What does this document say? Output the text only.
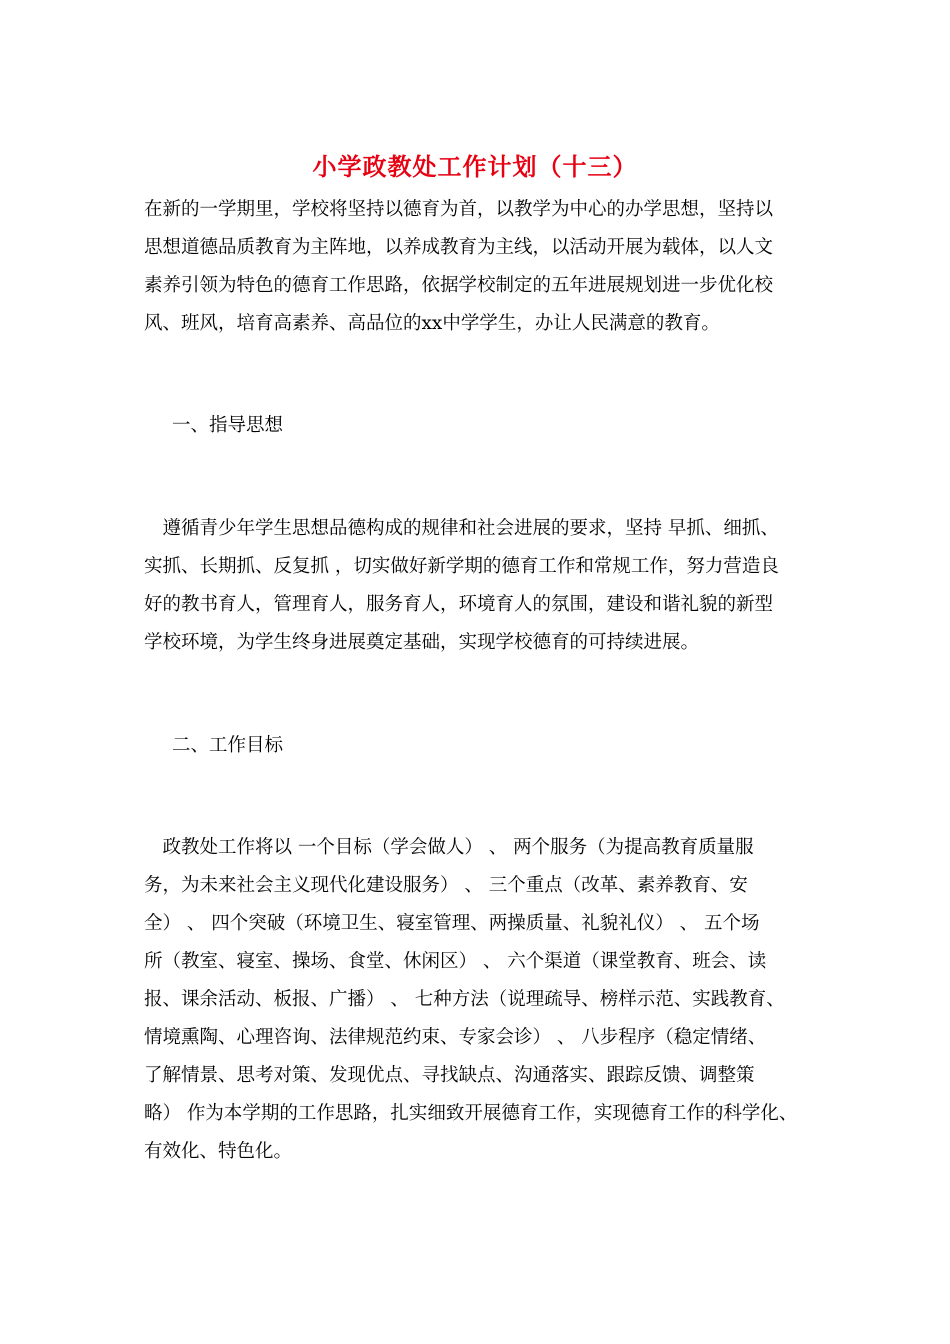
小学政教处工作计划（十三）
在新的一学期里，学校将坚持以德育为首，以教学为中心的办学思想，坚持以
思想道德品质教育为主阵地，以养成教育为主线，以活动开展为载体，以人文
素养引领为特色的德育工作思路，依据学校制定的五年进展规划进一步优化校
风、班风，培育高素养、高品位的xx中学学生，办让人民满意的教育。
一、指导思想
　遵循青少年学生思想品德构成的规律和社会进展的要求，坚持 早抓、细抓、
实抓、长期抓、反复抓 ，切实做好新学期的德育工作和常规工作，努力营造良
好的教书育人，管理育人，服务育人，环境育人的氛围，建设和谐礼貌的新型
学校环境，为学生终身进展奠定基础，实现学校德育的可持续进展。
二、工作目标
　政教处工作将以 一个目标（学会做人） 、 两个服务（为提高教育质量服
务，为未来社会主义现代化建设服务） 、 三个重点（改革、素养教育、安
全） 、 四个突破（环境卫生、寝室管理、两操质量、礼貌礼仪） 、 五个场
所（教室、寝室、操场、食堂、休闲区） 、 六个渠道（课堂教育、班会、读
报、课余活动、板报、广播） 、 七种方法（说理疏导、榜样示范、实践教育、
情境熏陶、心理咨询、法律规范约束、专家会诊） 、 八步程序（稳定情绪、
了解情景、思考对策、发现优点、寻找缺点、沟通落实、跟踪反馈、调整策
略） 作为本学期的工作思路，扎实细致开展德育工作，实现德育工作的科学化、
有效化、特色化。
